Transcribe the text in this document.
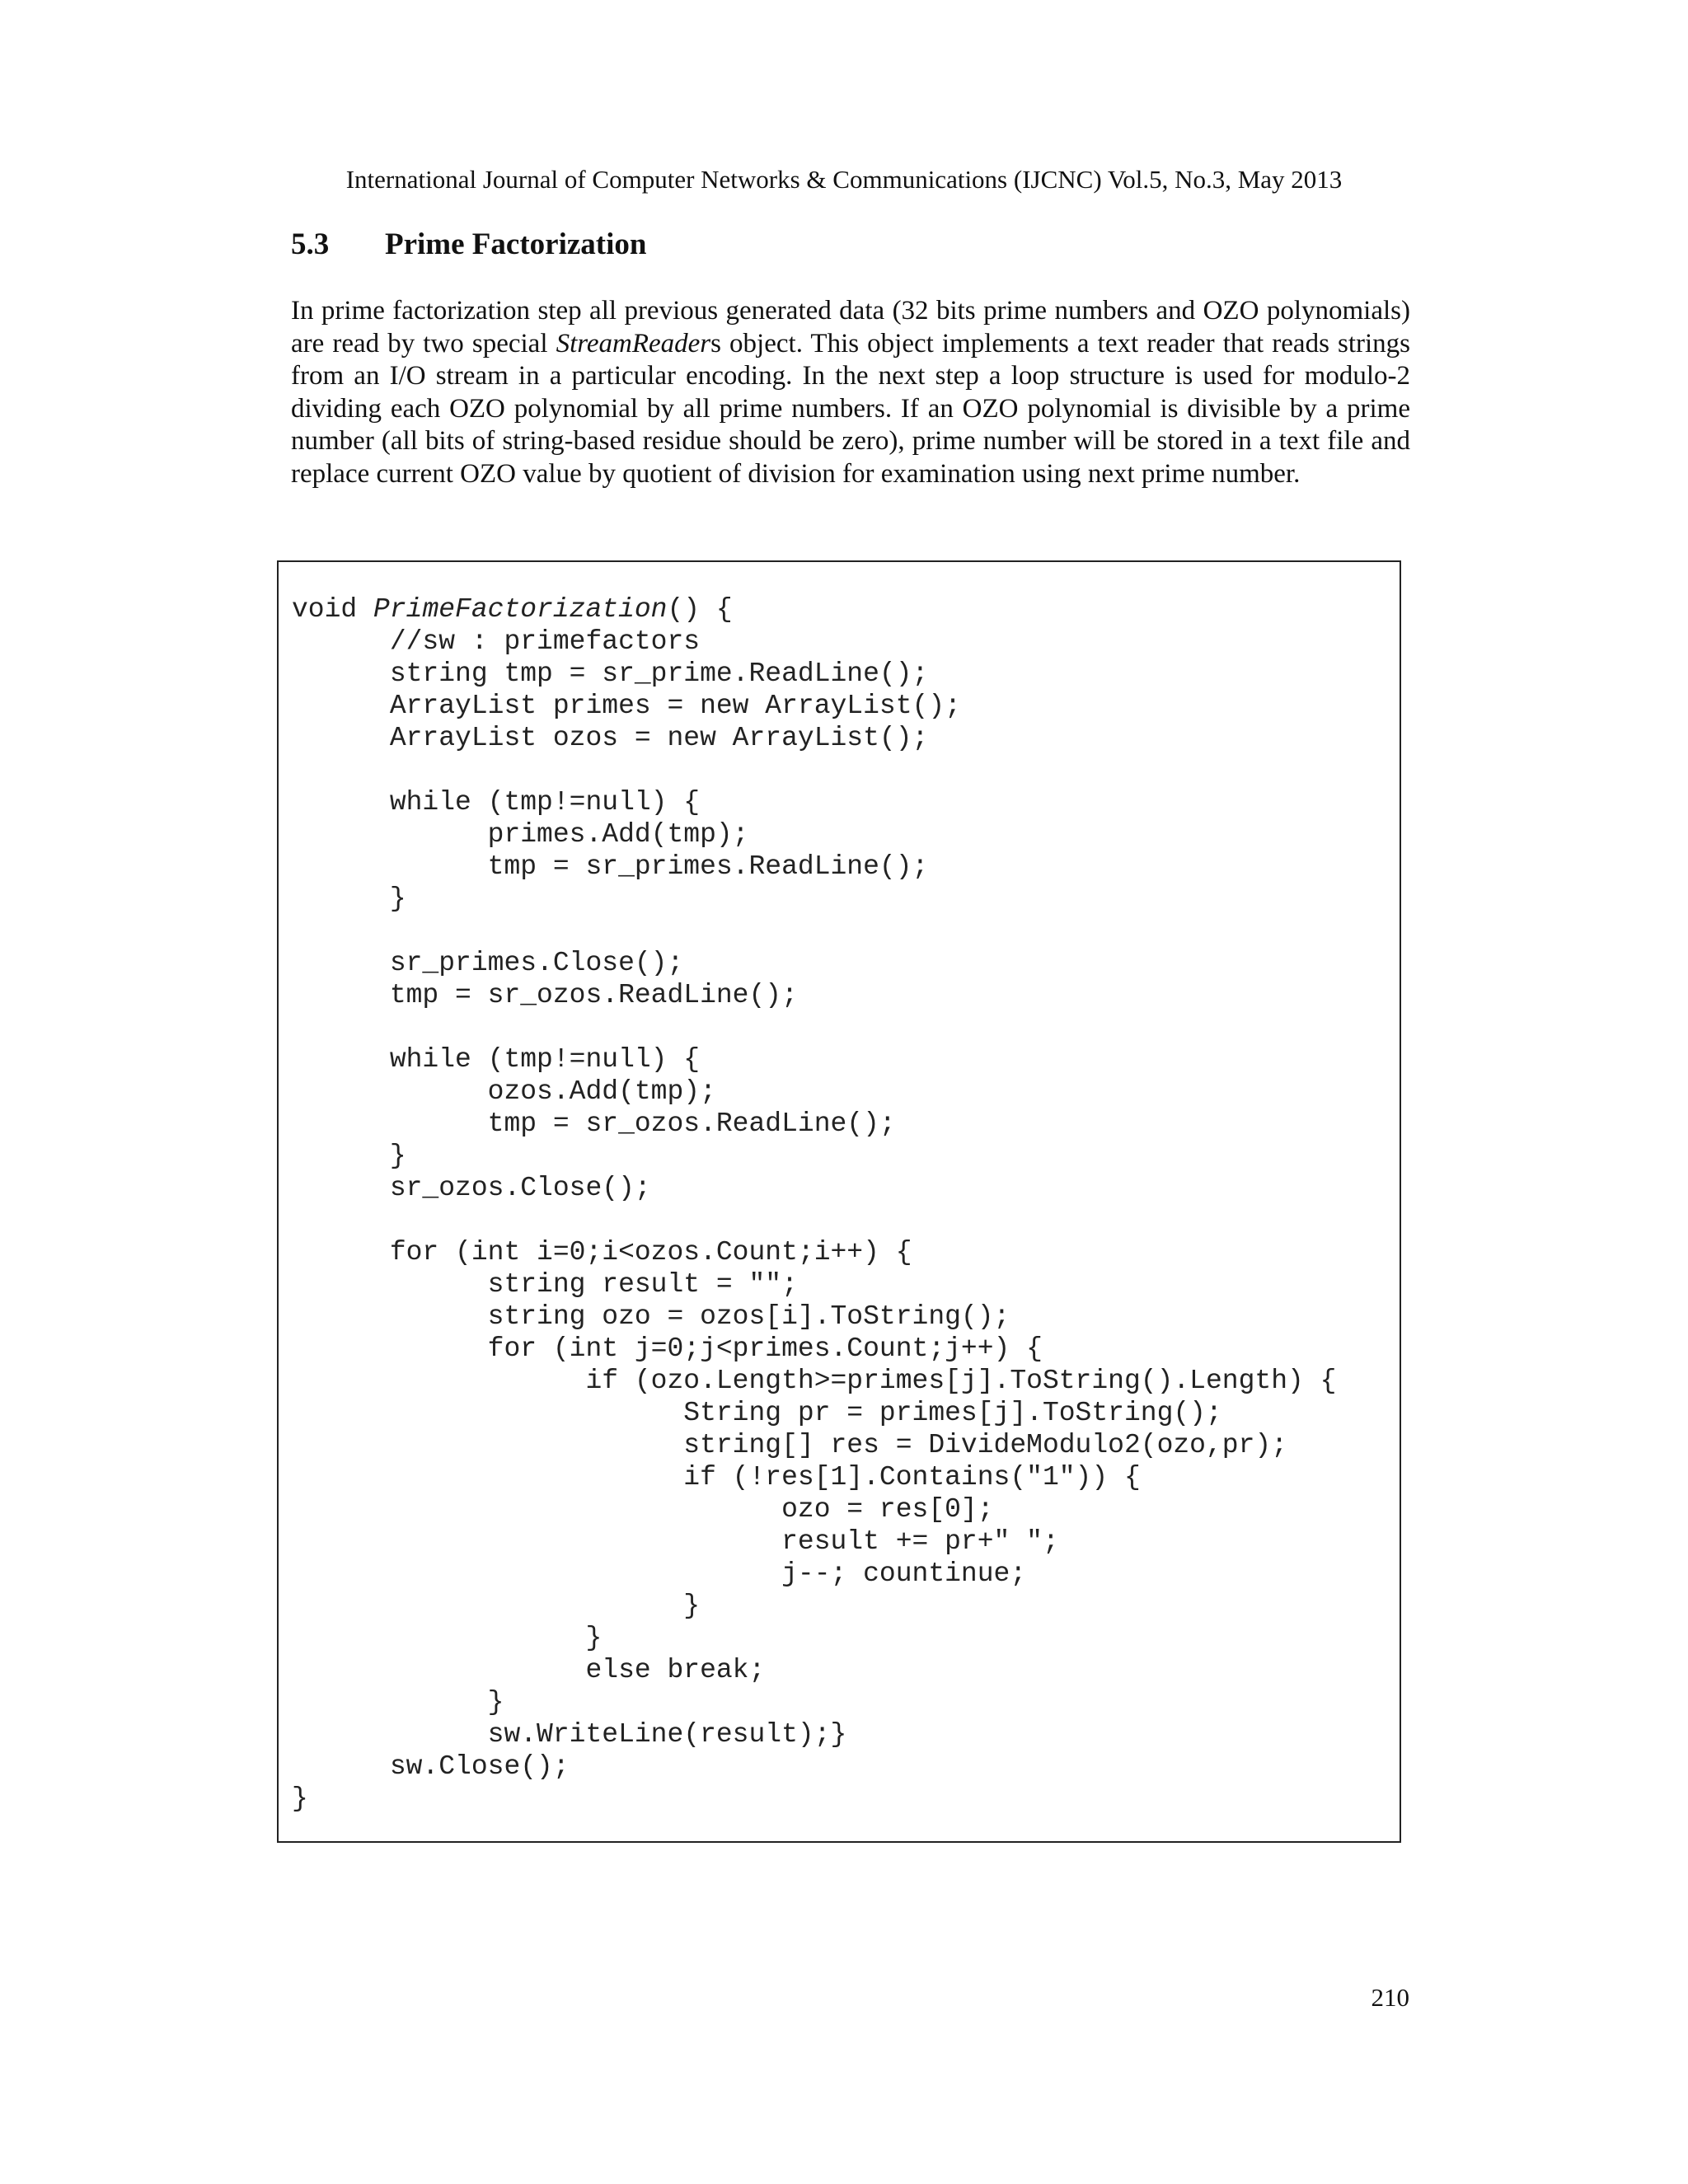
International Journal of Computer Networks & Communications (IJCNC) Vol.5, No.3, May 2013
5.3 Prime Factorization

In prime factorization step all previous generated data (32 bits prime numbers and OZO polynomials) are read by two special StreamReaders object. This object implements a text reader that reads strings from an I/O stream in a particular encoding. In the next step a loop structure is used for modulo-2 dividing each OZO polynomial by all prime numbers. If an OZO polynomial is divisible by a prime number (all bits of string-based residue should be zero), prime number will be stored in a text file and replace current OZO value by quotient of division for examination using next prime number.

void PrimeFactorization() {
//sw : primefactors
string tmp = sr_prime.ReadLine();
ArrayList primes = new ArrayList();
ArrayList ozos = new ArrayList();
while (tmp!=null) {
primes.Add(tmp);
tmp = sr_primes.ReadLine();
}
sr_primes.Close();
tmp = sr_ozos.ReadLine();
while (tmp!=null) {
ozos.Add(tmp);
tmp = sr_ozos.ReadLine();
}
sr_ozos.Close();
for (int i=0;i<ozos.Count;i++) {
string result = "";
string ozo = ozos[i].ToString();
for (int j=0;j<primes.Count;j++) {
if (ozo.Length>=primes[j].ToString().Length) {
String pr = primes[j].ToString();
string[] res = DivideModulo2(ozo,pr);
if (!res[1].Contains("1")) {
ozo = res[0];
result += pr+" ";
j--; countinue;
}
}
else break;
}
sw.WriteLine(result);}
sw.Close();
}
210
